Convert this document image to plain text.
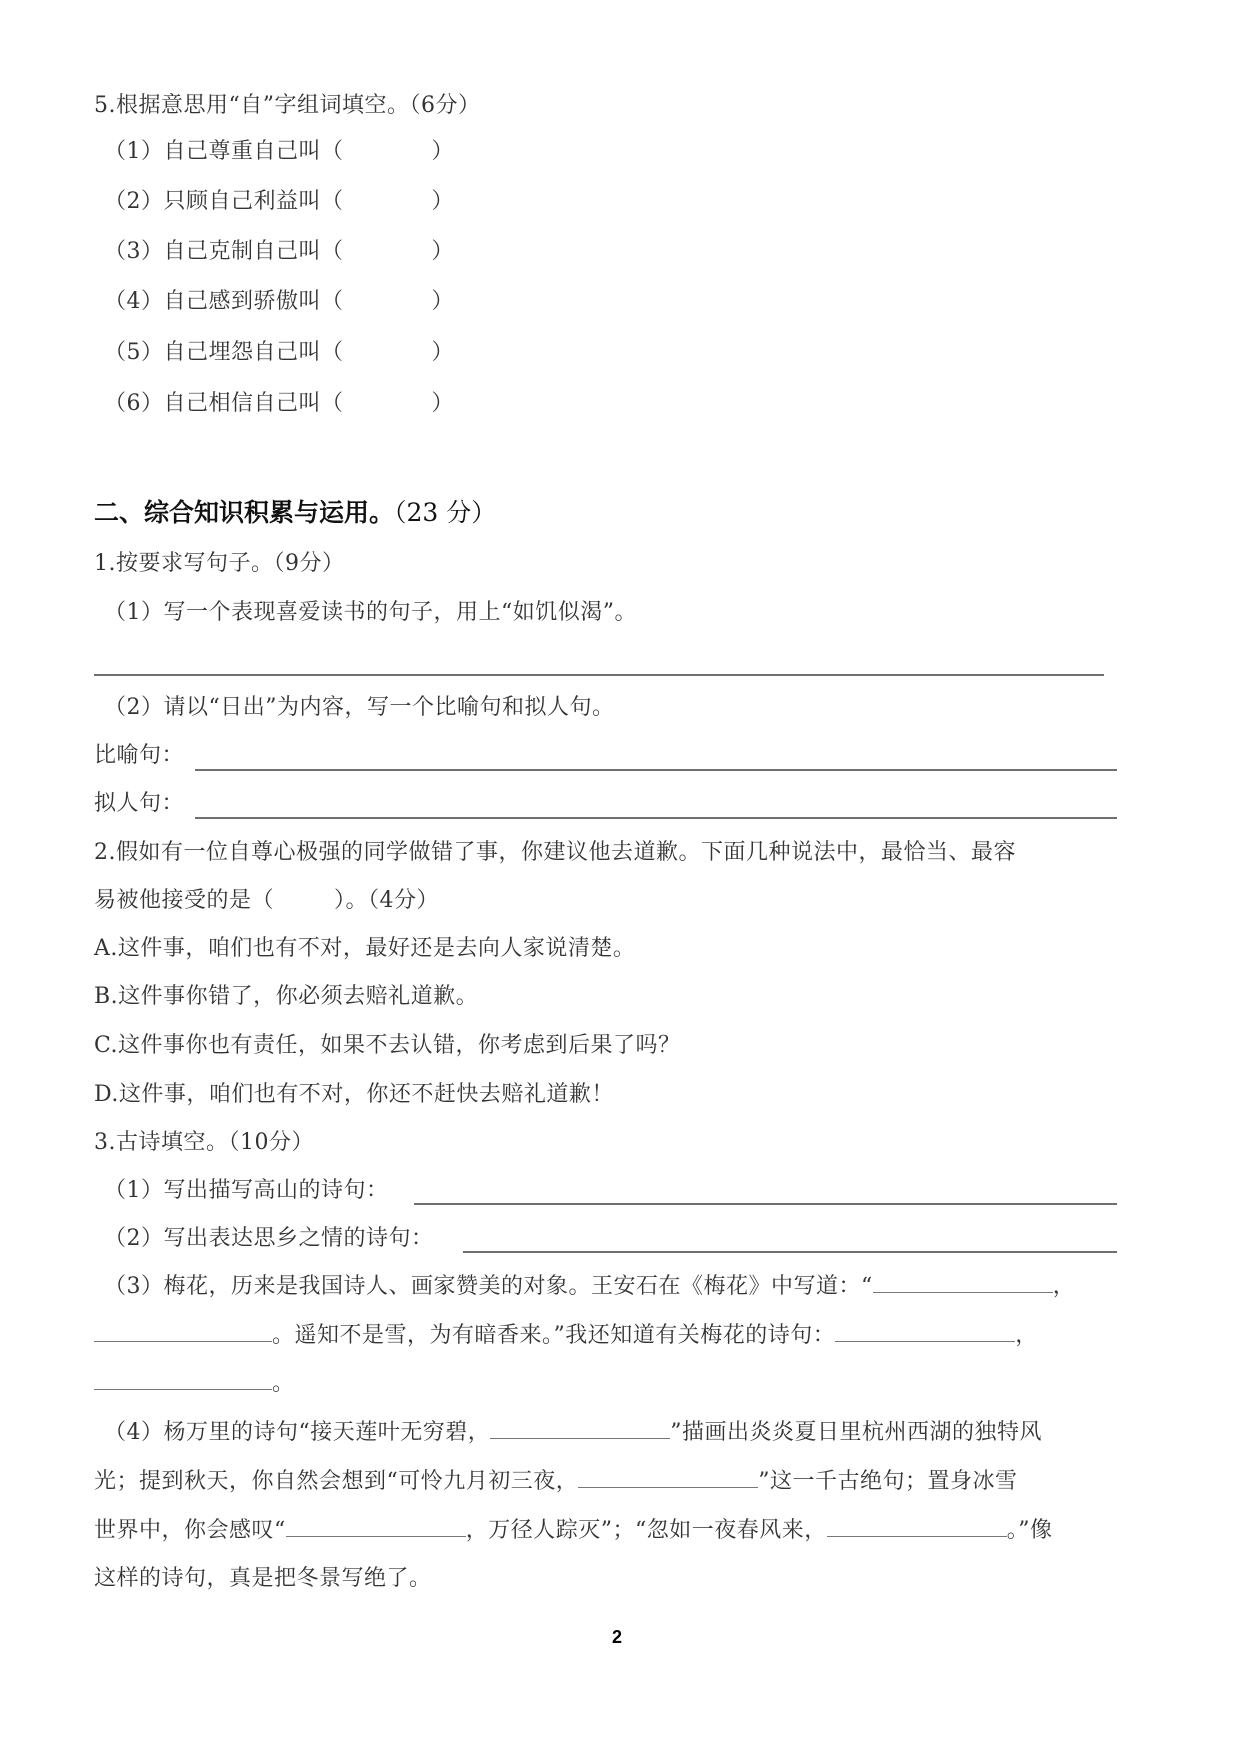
5.根据意思用“自”字组词填空。（6分）
（1）自己尊重自己叫（	）
（2）只顾自己利益叫（	）
（3）自己克制自己叫（	）
（4）自己感到骄傲叫（	）
（5）自己埋怨自己叫（	）
（6）自己相信自己叫（	）
二、综合知识积累与运用。（23 分）
1.按要求写句子。（9分）
（1）写一个表现喜爱读书的句子，用上“如饥似渴”。
（2）请以“日出”为内容，写一个比喻句和拟人句。
比喻句：
拟人句：
2.假如有一位自尊心极强的同学做错了事，你建议他去道歉。下面几种说法中，最恰当、最容
易被他接受的是（	）。（4分）
A.这件事，咱们也有不对，最好还是去向人家说清楚。
B.这件事你错了，你必须去赔礼道歉。
C.这件事你也有责任，如果不去认错，你考虑到后果了吗？
D.这件事，咱们也有不对，你还不赶快去赔礼道歉！
3.古诗填空。（10分）
（1）写出描写高山的诗句：
（2）写出表达思乡之情的诗句：
（3）梅花，历来是我国诗人、画家赞美的对象。王安石在《梅花》中写道：“	，
。遥知不是雪，为有暗香来。”我还知道有关梅花的诗句：	，
。
（4）杨万里的诗句“接天莲叶无穷碧，	”描画出炎炎夏日里杭州西湖的独特风
光；提到秋天，你自然会想到“可怜九月初三夜，	”这一千古绝句；置身冰雪
世界中，你会感叹“	，万径人踪灭”；“忽如一夜春风来，	。”像
这样的诗句，真是把冬景写绝了。
2
